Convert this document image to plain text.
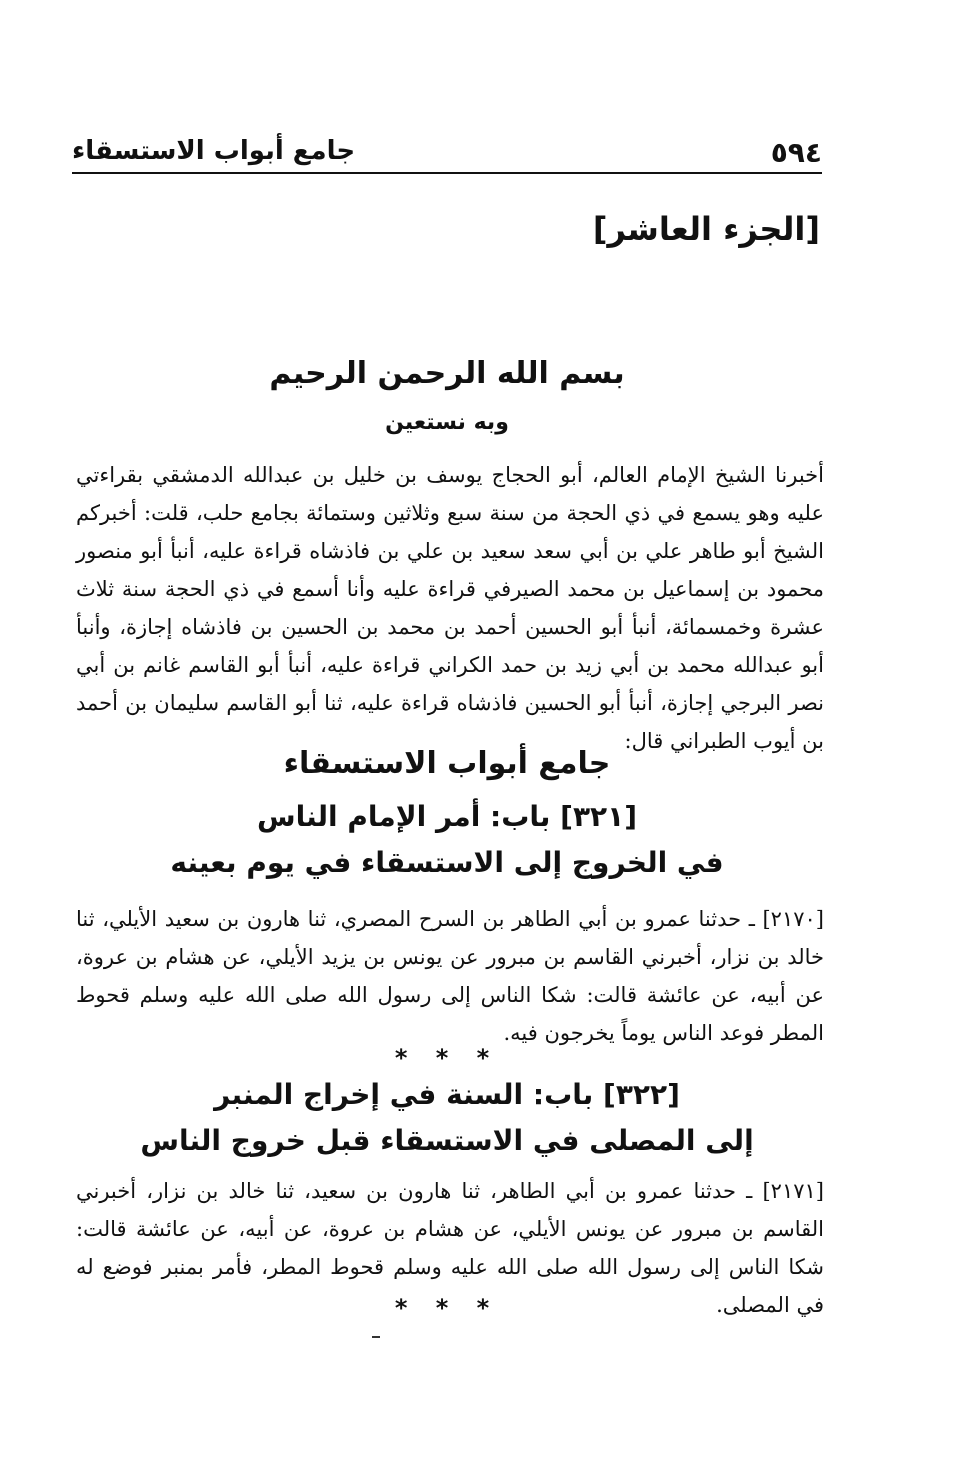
٥٩٤
جامع أبواب الاستسقاء
[الجزء العاشر]
بسم الله الرحمن الرحيم
وبه نستعين
أخبرنا الشيخ الإمام العالم، أبو الحجاج يوسف بن خليل بن عبدالله الدمشقي بقراءتي عليه وهو يسمع في ذي الحجة من سنة سبع وثلاثين وستمائة بجامع حلب، قلت: أخبركم الشيخ أبو طاهر علي بن أبي سعد سعيد بن علي بن فاذشاه قراءة عليه، أنبأ أبو منصور محمود بن إسماعيل بن محمد الصيرفي قراءة عليه وأنا أسمع في ذي الحجة سنة ثلاث عشرة وخمسمائة، أنبأ أبو الحسين أحمد بن محمد بن الحسين بن فاذشاه إجازة، وأنبأ أبو عبدالله محمد بن أبي زيد بن حمد الكراني قراءة عليه، أنبأ أبو القاسم غانم بن أبي نصر البرجي إجازة، أنبأ أبو الحسين فاذشاه قراءة عليه، ثنا أبو القاسم سليمان بن أحمد بن أيوب الطبراني قال:
جامع أبواب الاستسقاء
[٣٢١] باب: أمر الإمام الناس
في الخروج إلى الاستسقاء في يوم بعينه
[٢١٧٠] ـ حدثنا عمرو بن أبي الطاهر بن السرح المصري، ثنا هارون بن سعيد الأيلي، ثنا خالد بن نزار، أخبرني القاسم بن مبرور عن يونس بن يزيد الأيلي، عن هشام بن عروة، عن أبيه، عن عائشة قالت: شكا الناس إلى رسول الله صلى الله عليه وسلم قحوط المطر فوعد الناس يوماً يخرجون فيه.
* * *
[٣٢٢] باب: السنة في إخراج المنبر
إلى المصلى في الاستسقاء قبل خروج الناس
[٢١٧١] ـ حدثنا عمرو بن أبي الطاهر، ثنا هارون بن سعيد، ثنا خالد بن نزار، أخبرني القاسم بن مبرور عن يونس الأيلي، عن هشام بن عروة، عن أبيه، عن عائشة قالت: شكا الناس إلى رسول الله صلى الله عليه وسلم قحوط المطر، فأمر بمنبر فوضع له في المصلى.
* * *
